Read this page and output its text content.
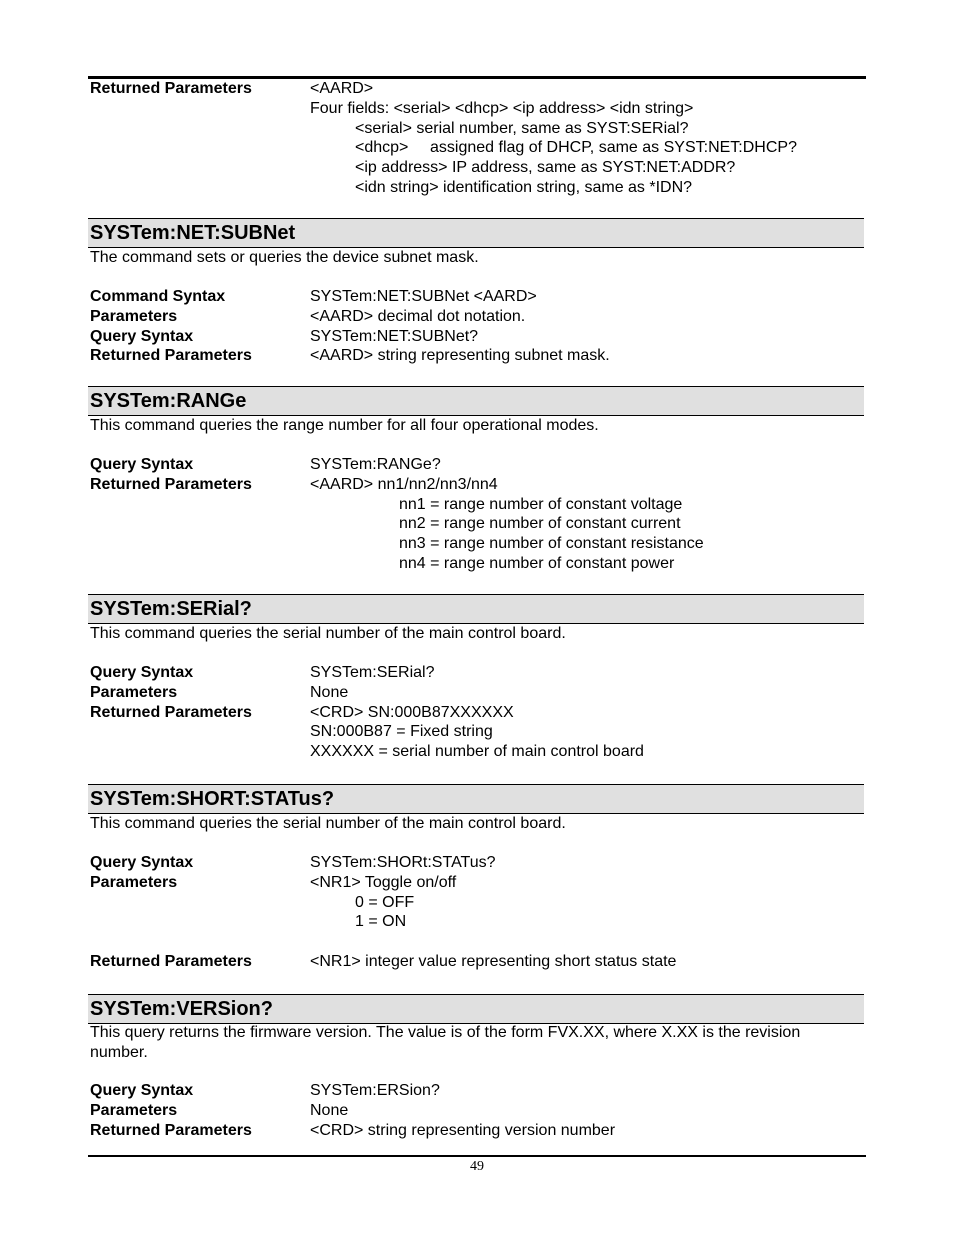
Returned Parameters	<AARD>
Four fields: <serial> <dhcp> <ip address> <idn string>
<serial> serial number, same as SYST:SERial?
<dhcp> assigned flag of DHCP, same as SYST:NET:DHCP?
<ip address> IP address, same as SYST:NET:ADDR?
<idn string> identification string, same as *IDN?
SYSTem:NET:SUBNet
The command sets or queries the device subnet mask.
Command Syntax	SYSTem:NET:SUBNet <AARD>
Parameters	<AARD> decimal dot notation.
Query Syntax	SYSTem:NET:SUBNet?
Returned Parameters	<AARD> string representing subnet mask.
SYSTem:RANGe
This command queries the range number for all four operational modes.
Query Syntax	SYSTem:RANGe?
Returned Parameters	<AARD> nn1/nn2/nn3/nn4
nn1 = range number of constant voltage
nn2 = range number of constant current
nn3 = range number of constant resistance
nn4 = range number of constant power
SYSTem:SERial?
This command queries the serial number of the main control board.
Query Syntax	SYSTem:SERial?
Parameters	None
Returned Parameters	<CRD> SN:000B87XXXXXX
SN:000B87 = Fixed string
XXXXXX = serial number of main control board
SYSTem:SHORT:STATus?
This command queries the serial number of the main control board.
Query Syntax	SYSTem:SHORt:STATus?
Parameters	<NR1> Toggle on/off
0 = OFF
1 = ON
Returned Parameters	<NR1> integer value representing short status state
SYSTem:VERSion?
This query returns the firmware version. The value is of the form FVX.XX, where X.XX is the revision number.
Query Syntax	SYSTem:ERSion?
Parameters	None
Returned Parameters	<CRD> string representing version number
49
